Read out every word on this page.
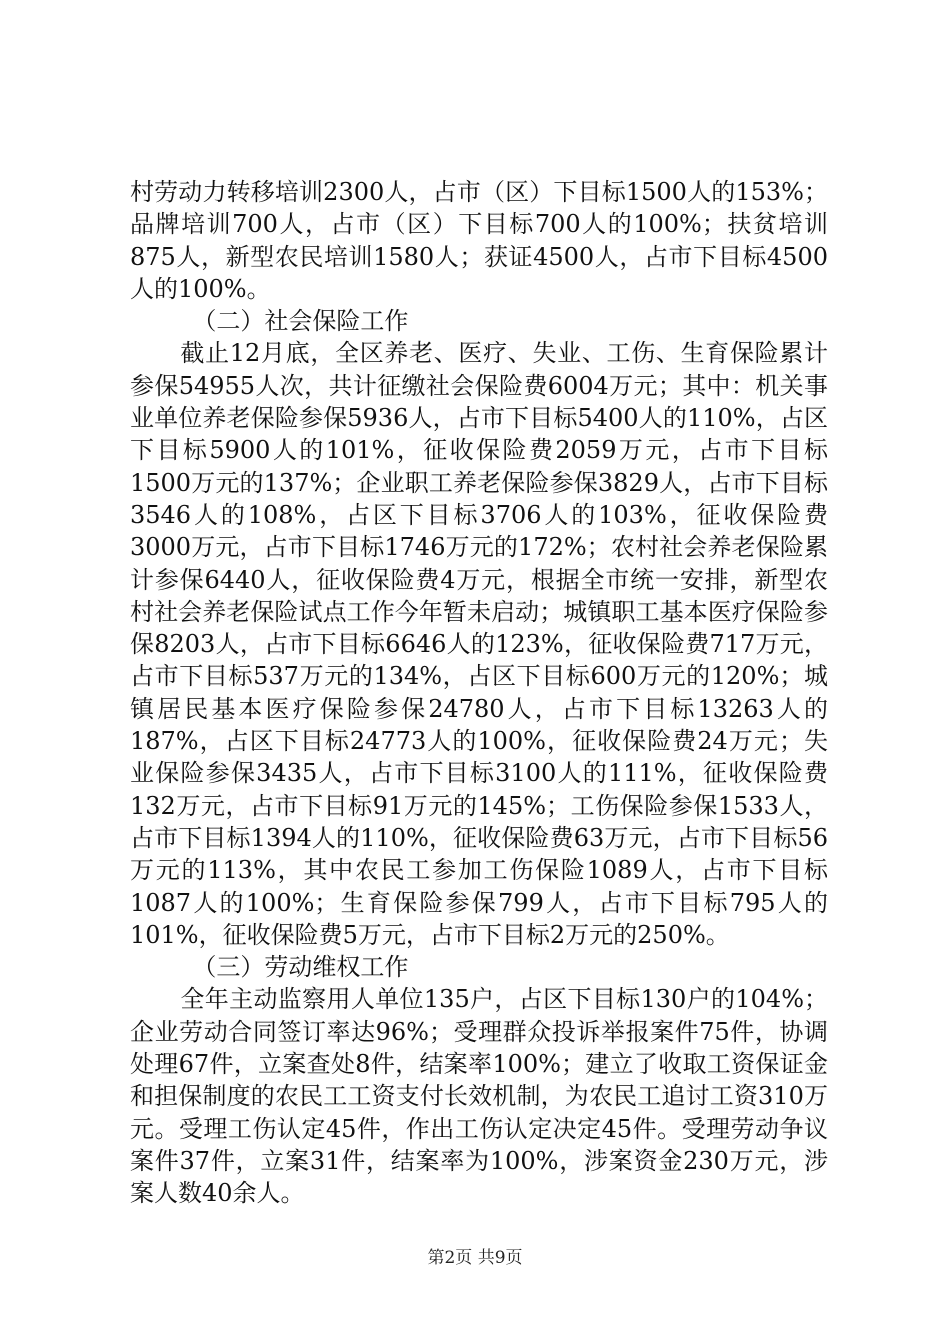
村劳动力转移培训2300人，占市（区）下目标1500人的153%；品牌培训700人，占市（区）下目标700人的100%；扶贫培训875人，新型农民培训1580人；获证4500人，占市下目标4500人的100%。

（二）社会保险工作

截止12月底，全区养老、医疗、失业、工伤、生育保险累计参保54955人次，共计征缴社会保险费6004万元；其中：机关事业单位养老保险参保5936人，占市下目标5400人的110%，占区下目标5900人的101%，征收保险费2059万元，占市下目标1500万元的137%；企业职工养老保险参保3829人，占市下目标3546人的108%，占区下目标3706人的103%，征收保险费3000万元，占市下目标1746万元的172%；农村社会养老保险累计参保6440人，征收保险费4万元，根据全市统一安排，新型农村社会养老保险试点工作今年暂未启动；城镇职工基本医疗保险参保8203人，占市下目标6646人的123%，征收保险费717万元，占市下目标537万元的134%，占区下目标600万元的120%；城镇居民基本医疗保险参保24780人，占市下目标13263人的187%，占区下目标24773人的100%，征收保险费24万元；失业保险参保3435人，占市下目标3100人的111%，征收保险费132万元，占市下目标91万元的145%；工伤保险参保1533人，占市下目标1394人的110%，征收保险费63万元，占市下目标56万元的113%，其中农民工参加工伤保险1089人，占市下目标1087人的100%；生育保险参保799人，占市下目标795人的101%，征收保险费5万元，占市下目标2万元的250%。

（三）劳动维权工作

全年主动监察用人单位135户，占区下目标130户的104%；企业劳动合同签订率达96%；受理群众投诉举报案件75件，协调处理67件，立案查处8件，结案率100%；建立了收取工资保证金和担保制度的农民工工资支付长效机制，为农民工追讨工资310万元。受理工伤认定45件，作出工伤认定决定45件。受理劳动争议案件37件，立案31件，结案率为100%，涉案资金230万元，涉案人数40余人。

第2页 共9页
